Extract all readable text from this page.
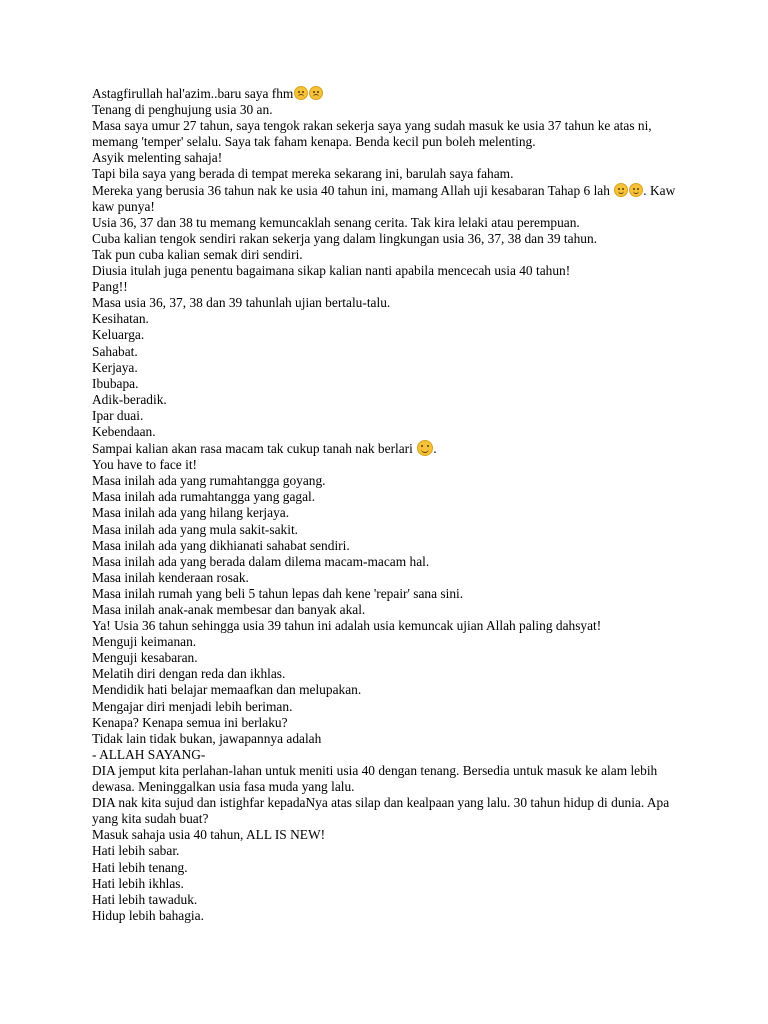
Astagfirullah hal'azim..baru saya fhm

Tenang di penghujung usia 30 an.

Masa saya umur 27 tahun, saya tengok rakan sekerja saya yang sudah masuk ke usia 37 tahun ke atas ni, memang 'temper' selalu. Saya tak faham kenapa. Benda kecil pun boleh melenting.

Asyik melenting sahaja!

Tapi bila saya yang berada di tempat mereka sekarang ini, barulah saya faham.

Mereka yang berusia 36 tahun nak ke usia 40 tahun ini, mamang Allah uji kesabaran Tahap 6 lah
. Kaw kaw punya!

Usia 36, 37 dan 38 tu memang kemuncaklah senang cerita. Tak kira lelaki atau perempuan.

Cuba kalian tengok sendiri rakan sekerja yang dalam lingkungan usia 36, 37, 38 dan 39 tahun.

Tak pun cuba kalian semak diri sendiri.

Diusia itulah juga penentu bagaimana sikap kalian nanti apabila mencecah usia 40 tahun!

Pang!!

Masa usia 36, 37, 38 dan 39 tahunlah ujian bertalu-talu.

Kesihatan.

Keluarga.

Sahabat.

Kerjaya.

Ibubapa.

Adik-beradik.

Ipar duai.

Kebendaan.

Sampai kalian akan rasa macam tak cukup tanah nak berlari
.

You have to face it!

Masa inilah ada yang rumahtangga goyang.

Masa inilah ada rumahtangga yang gagal.

Masa inilah ada yang hilang kerjaya.

Masa inilah ada yang mula sakit-sakit.

Masa inilah ada yang dikhianati sahabat sendiri.

Masa inilah ada yang berada dalam dilema macam-macam hal.

Masa inilah kenderaan rosak.

Masa inilah rumah yang beli 5 tahun lepas dah kene 'repair' sana sini.

Masa inilah anak-anak membesar dan banyak akal.

Ya! Usia 36 tahun sehingga usia 39 tahun ini adalah usia kemuncak ujian Allah paling dahsyat!

Menguji keimanan.

Menguji kesabaran.

Melatih diri dengan reda dan ikhlas.

Mendidik hati belajar memaafkan dan melupakan.

Mengajar diri menjadi lebih beriman.

Kenapa? Kenapa semua ini berlaku?

Tidak lain tidak bukan, jawapannya adalah

- ALLAH SAYANG-

DIA jemput kita perlahan-lahan untuk meniti usia 40 dengan tenang. Bersedia untuk masuk ke alam lebih dewasa. Meninggalkan usia fasa muda yang lalu.

DIA nak kita sujud dan istighfar kepadaNya atas silap dan kealpaan yang lalu. 30 tahun hidup di dunia. Apa yang kita sudah buat?

Masuk sahaja usia 40 tahun, ALL IS NEW!

Hati lebih sabar.

Hati lebih tenang.

Hati lebih ikhlas.

Hati lebih tawaduk.

Hidup lebih bahagia.
